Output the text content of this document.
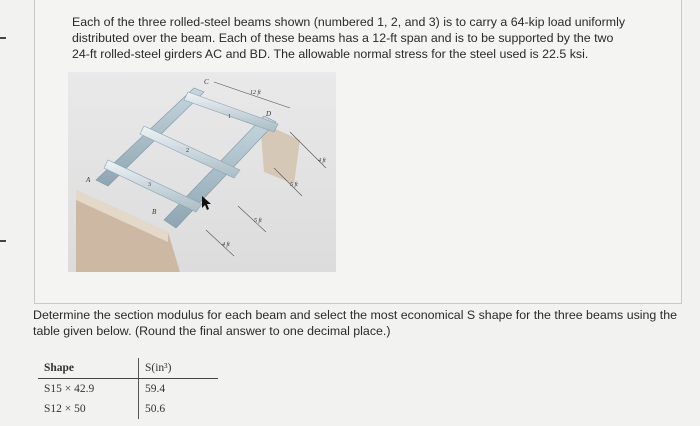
Each of the three rolled-steel beams shown (numbered 1, 2, and 3) is to carry a 64-kip load uniformly distributed over the beam. Each of these beams has a 12-ft span and is to be supported by the two 24-ft rolled-steel girders AC and BD. The allowable normal stress for the steel used is 22.5 ksi.

A
B
C
D
12 ft
4 ft
5 ft
5 ft
4 ft
1
2
3

Determine the section modulus for each beam and select the most economical S shape for the three beams using the table given below. (Round the final answer to one decimal place.)

Shape	S(in³)
S15 × 42.9	59.4
S12 × 50	50.6
